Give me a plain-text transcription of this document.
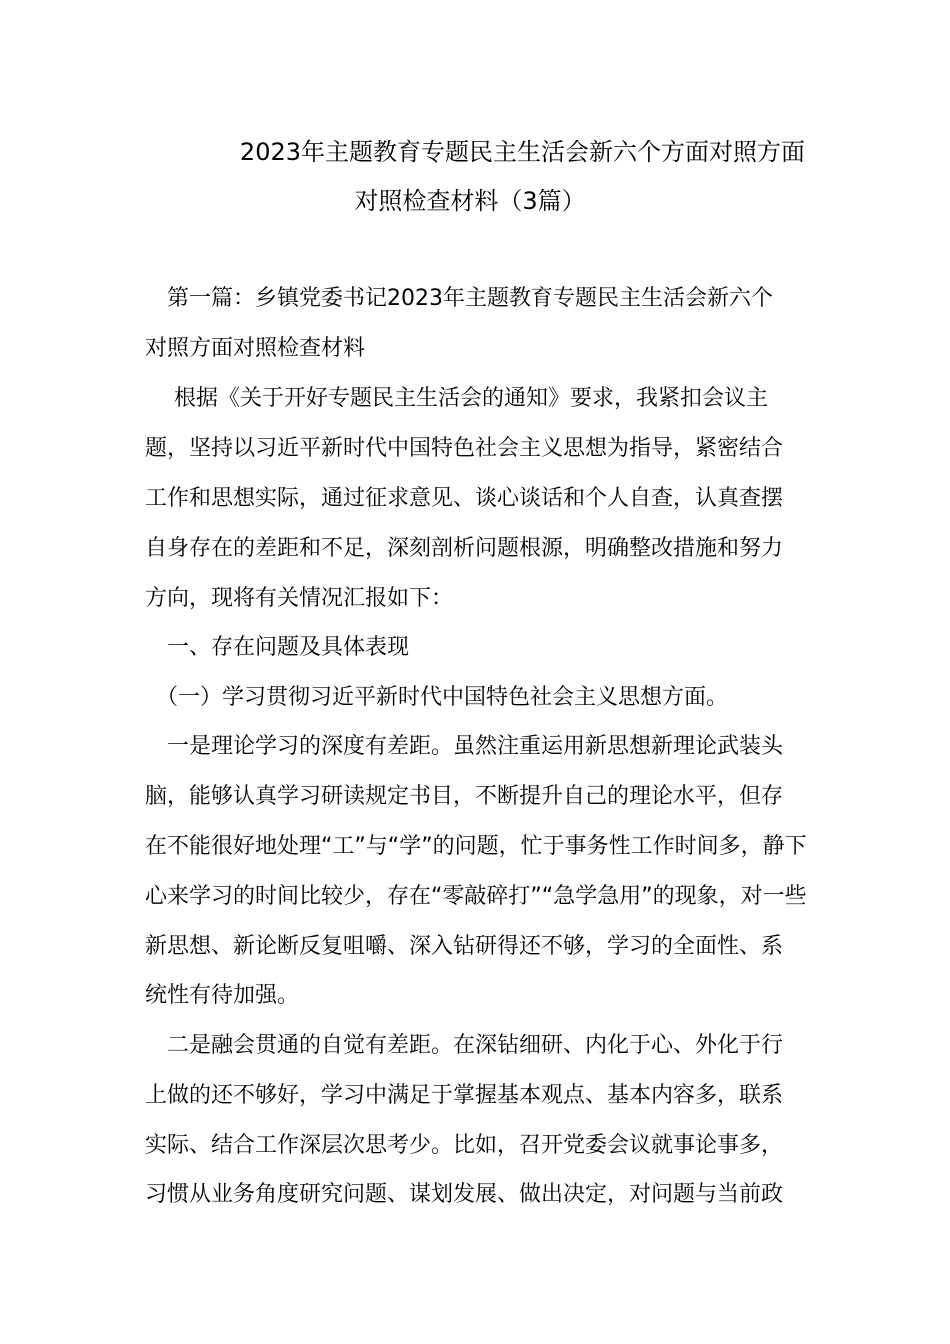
2023年主题教育专题民主生活会新六个方面对照方面
对照检查材料（3篇）
　第一篇：乡镇党委书记2023年主题教育专题民主生活会新六个
对照方面对照检查材料
　 根据《关于开好专题民主生活会的通知》要求，我紧扣会议主
题，坚持以习近平新时代中国特色社会主义思想为指导，紧密结合
工作和思想实际，通过征求意见、谈心谈话和个人自查，认真查摆
自身存在的差距和不足，深刻剖析问题根源，明确整改措施和努力
方向，现将有关情况汇报如下：
　一、存在问题及具体表现
　（一）学习贯彻习近平新时代中国特色社会主义思想方面。
　一是理论学习的深度有差距。虽然注重运用新思想新理论武装头
脑，能够认真学习研读规定书目，不断提升自己的理论水平，但存
在不能很好地处理“工”与“学”的问题，忙于事务性工作时间多，静下
心来学习的时间比较少，存在“零敲碎打”“急学急用”的现象，对一些
新思想、新论断反复咀嚼、深入钻研得还不够，学习的全面性、系
统性有待加强。
　二是融会贯通的自觉有差距。在深钻细研、内化于心、外化于行
上做的还不够好，学习中满足于掌握基本观点、基本内容多，联系
实际、结合工作深层次思考少。比如，召开党委会议就事论事多，
习惯从业务角度研究问题、谋划发展、做出决定，对问题与当前政
